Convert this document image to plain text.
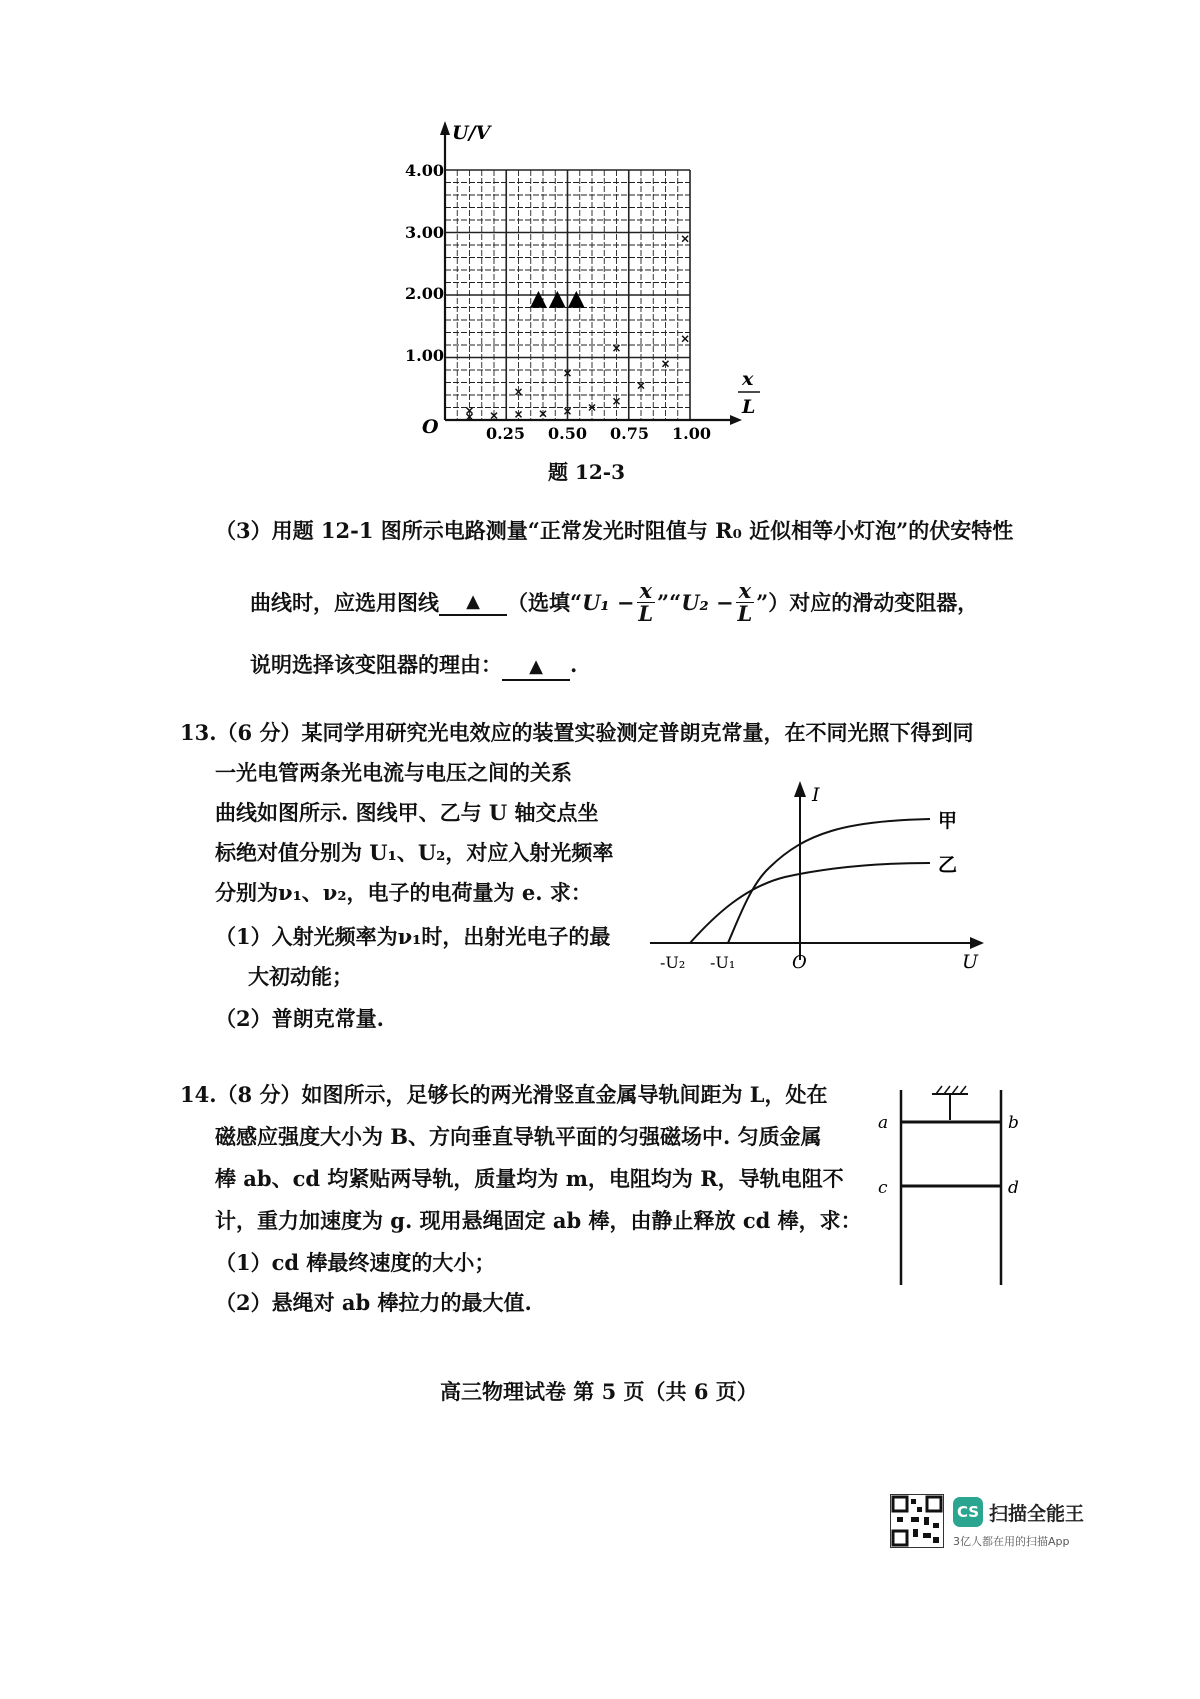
U/V
x
L
O
4.00
3.00
2.00
1.00
0.25 0.50 0.75 1.00
▲▲▲
题 12-3
（3）用题 12-1 图所示电路测量“正常发光时阻值与 R₀ 近似相等小灯泡”的伏安特性
曲线时，应选用图线	▲	（选填“ $U_1 - \frac{x}{L}$ ”“ $U_2 - \frac{x}{L}$ ”）对应的滑动变阻器，
说明选择该变阻器的理由： ▲ .
13.（6 分）某同学用研究光电效应的装置实验测定普朗克常量，在不同光照下得到同
一光电管两条光电流与电压之间的关系
曲线如图所示. 图线甲、乙与 U 轴交点坐
标绝对值分别为 U₁、U₂，对应入射光频率
分别为ν₁、ν₂，电子的电荷量为 e. 求：
（1）入射光频率为ν₁时，出射光电子的最
大初动能；
（2）普朗克常量.
I
甲
乙
-U₂ -U₁	O	U
14.（8 分）如图所示，足够长的两光滑竖直金属导轨间距为 L，处在
磁感应强度大小为 B、方向垂直导轨平面的匀强磁场中. 匀质金属
棒 ab、cd 均紧贴两导轨，质量均为 m，电阻均为 R，导轨电阻不
计，重力加速度为 g. 现用悬绳固定 ab 棒，由静止释放 cd 棒，求：
（1）cd 棒最终速度的大小；
（2）悬绳对 ab 棒拉力的最大值.
a	b
c	d
高三物理试卷 第 5 页（共 6 页）
CS 扫描全能王
3亿人都在用的扫描App
